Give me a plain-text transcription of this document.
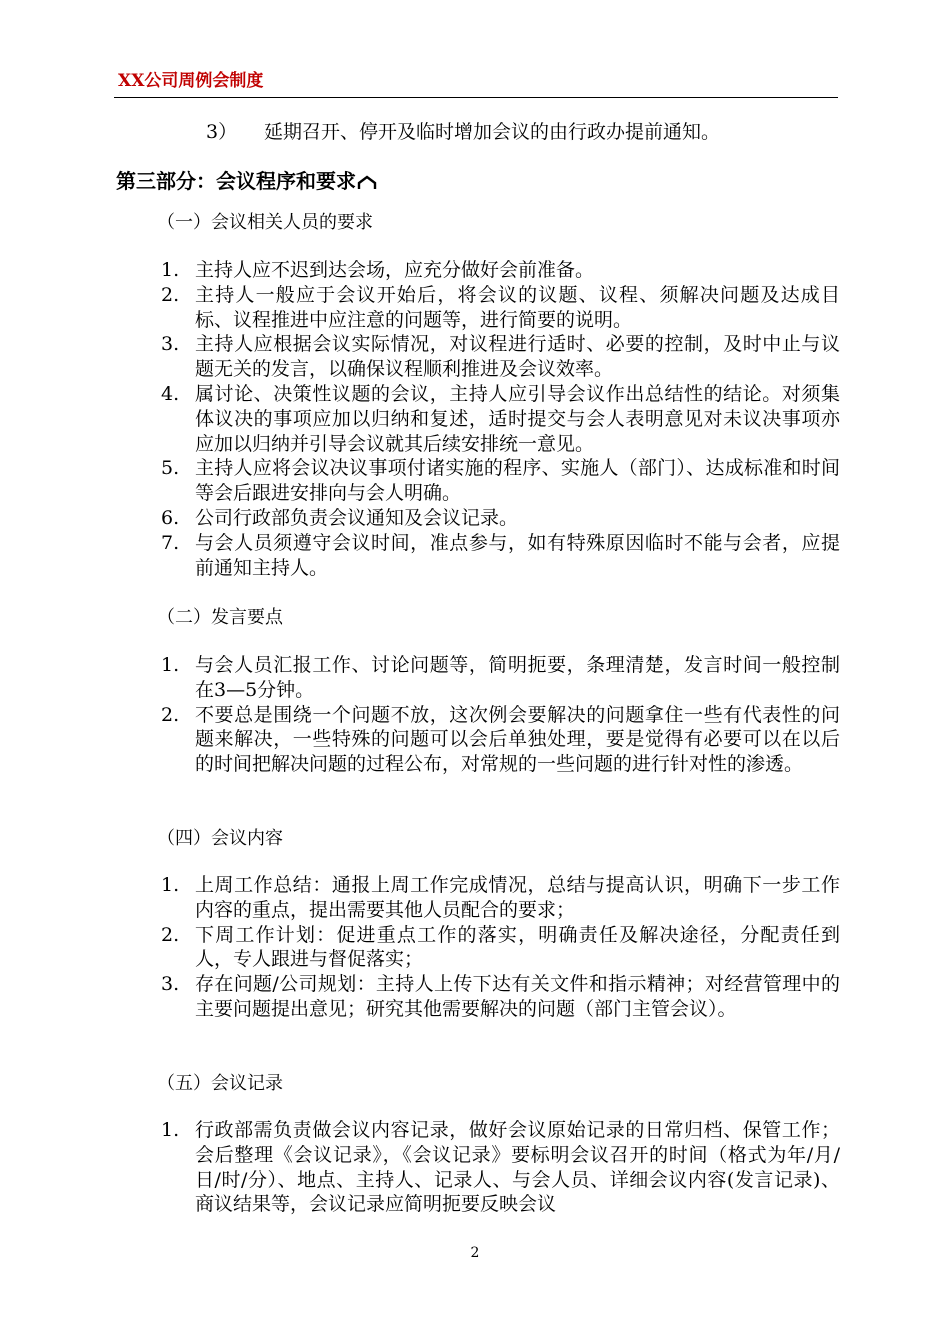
XX公司周例会制度
3） 延期召开、停开及临时增加会议的由行政办提前通知。
第三部分：会议程序和要求
（一）会议相关人员的要求
1. 主持人应不迟到达会场，应充分做好会前准备。
2. 主持人一般应于会议开始后，将会议的议题、议程、须解决问题及达成目标、议程推进中应注意的问题等，进行简要的说明。
3. 主持人应根据会议实际情况，对议程进行适时、必要的控制，及时中止与议题无关的发言，以确保议程顺利推进及会议效率。
4. 属讨论、决策性议题的会议，主持人应引导会议作出总结性的结论。对须集体议决的事项应加以归纳和复述，适时提交与会人表明意见对未议决事项亦应加以归纳并引导会议就其后续安排统一意见。
5. 主持人应将会议决议事项付诸实施的程序、实施人（部门）、达成标准和时间等会后跟进安排向与会人明确。
6. 公司行政部负责会议通知及会议记录。
7. 与会人员须遵守会议时间，准点参与，如有特殊原因临时不能与会者，应提前通知主持人。
（二）发言要点
1. 与会人员汇报工作、讨论问题等，简明扼要，条理清楚，发言时间一般控制在3—5分钟。
2. 不要总是围绕一个问题不放，这次例会要解决的问题拿住一些有代表性的问题来解决，一些特殊的问题可以会后单独处理，要是觉得有必要可以在以后的时间把解决问题的过程公布，对常规的一些问题的进行针对性的渗透。
（四）会议内容
1. 上周工作总结：通报上周工作完成情况，总结与提高认识，明确下一步工作内容的重点，提出需要其他人员配合的要求；
2. 下周工作计划：促进重点工作的落实，明确责任及解决途径，分配责任到人，专人跟进与督促落实；
3. 存在问题/公司规划：主持人上传下达有关文件和指示精神；对经营管理中的主要问题提出意见；研究其他需要解决的问题（部门主管会议）。
（五）会议记录
1. 行政部需负责做会议内容记录，做好会议原始记录的日常归档、保管工作；会后整理《会议记录》，《会议记录》要标明会议召开的时间（格式为年/月/日/时/分）、地点、主持人、记录人、与会人员、详细会议内容(发言记录)、商议结果等，会议记录应简明扼要反映会议
2
